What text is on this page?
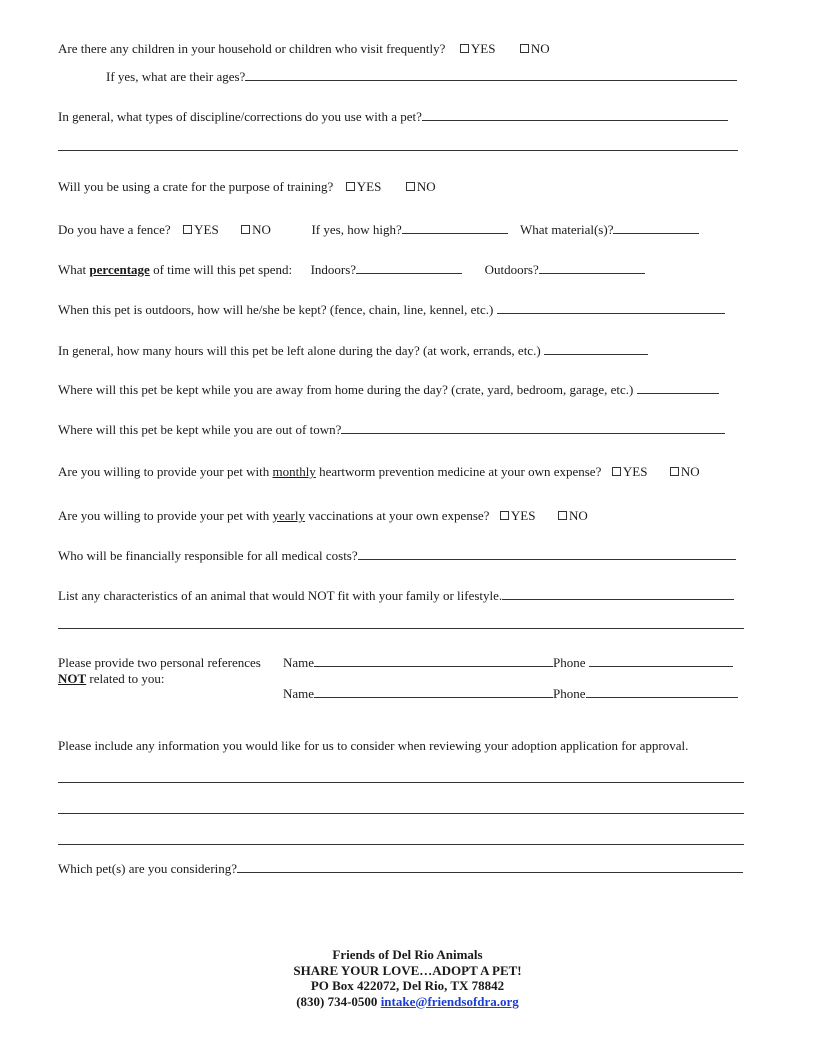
Are there any children in your household or children who visit frequently? YES	NO
If yes, what are their ages?
In general, what types of discipline/corrections do you use with a pet?
Will you be using a crate for the purpose of training? YES	NO
Do you have a fence? YES	NO	If yes, how high?	What material(s)?
What percentage of time will this pet spend: Indoors?	Outdoors?
When this pet is outdoors, how will he/she be kept? (fence, chain, line, kennel, etc.)
In general, how many hours will this pet be left alone during the day? (at work, errands, etc.)
Where will this pet be kept while you are away from home during the day? (crate, yard, bedroom, garage, etc.)
Where will this pet be kept while you are out of town?
Are you willing to provide your pet with monthly heartworm prevention medicine at your own expense? YES	NO
Are you willing to provide your pet with yearly vaccinations at your own expense? YES	NO
Who will be financially responsible for all medical costs?
List any characteristics of an animal that would NOT fit with your family or lifestyle.
Please provide two personal references
NOT related to you:
Name	Phone
Name	Phone
Please include any information you would like for us to consider when reviewing your adoption application for approval.
Which pet(s) are you considering?
Friends of Del Rio Animals
SHARE YOUR LOVE…ADOPT A PET!
PO Box 422072, Del Rio, TX 78842
(830) 734-0500 intake@friendsofdra.org
